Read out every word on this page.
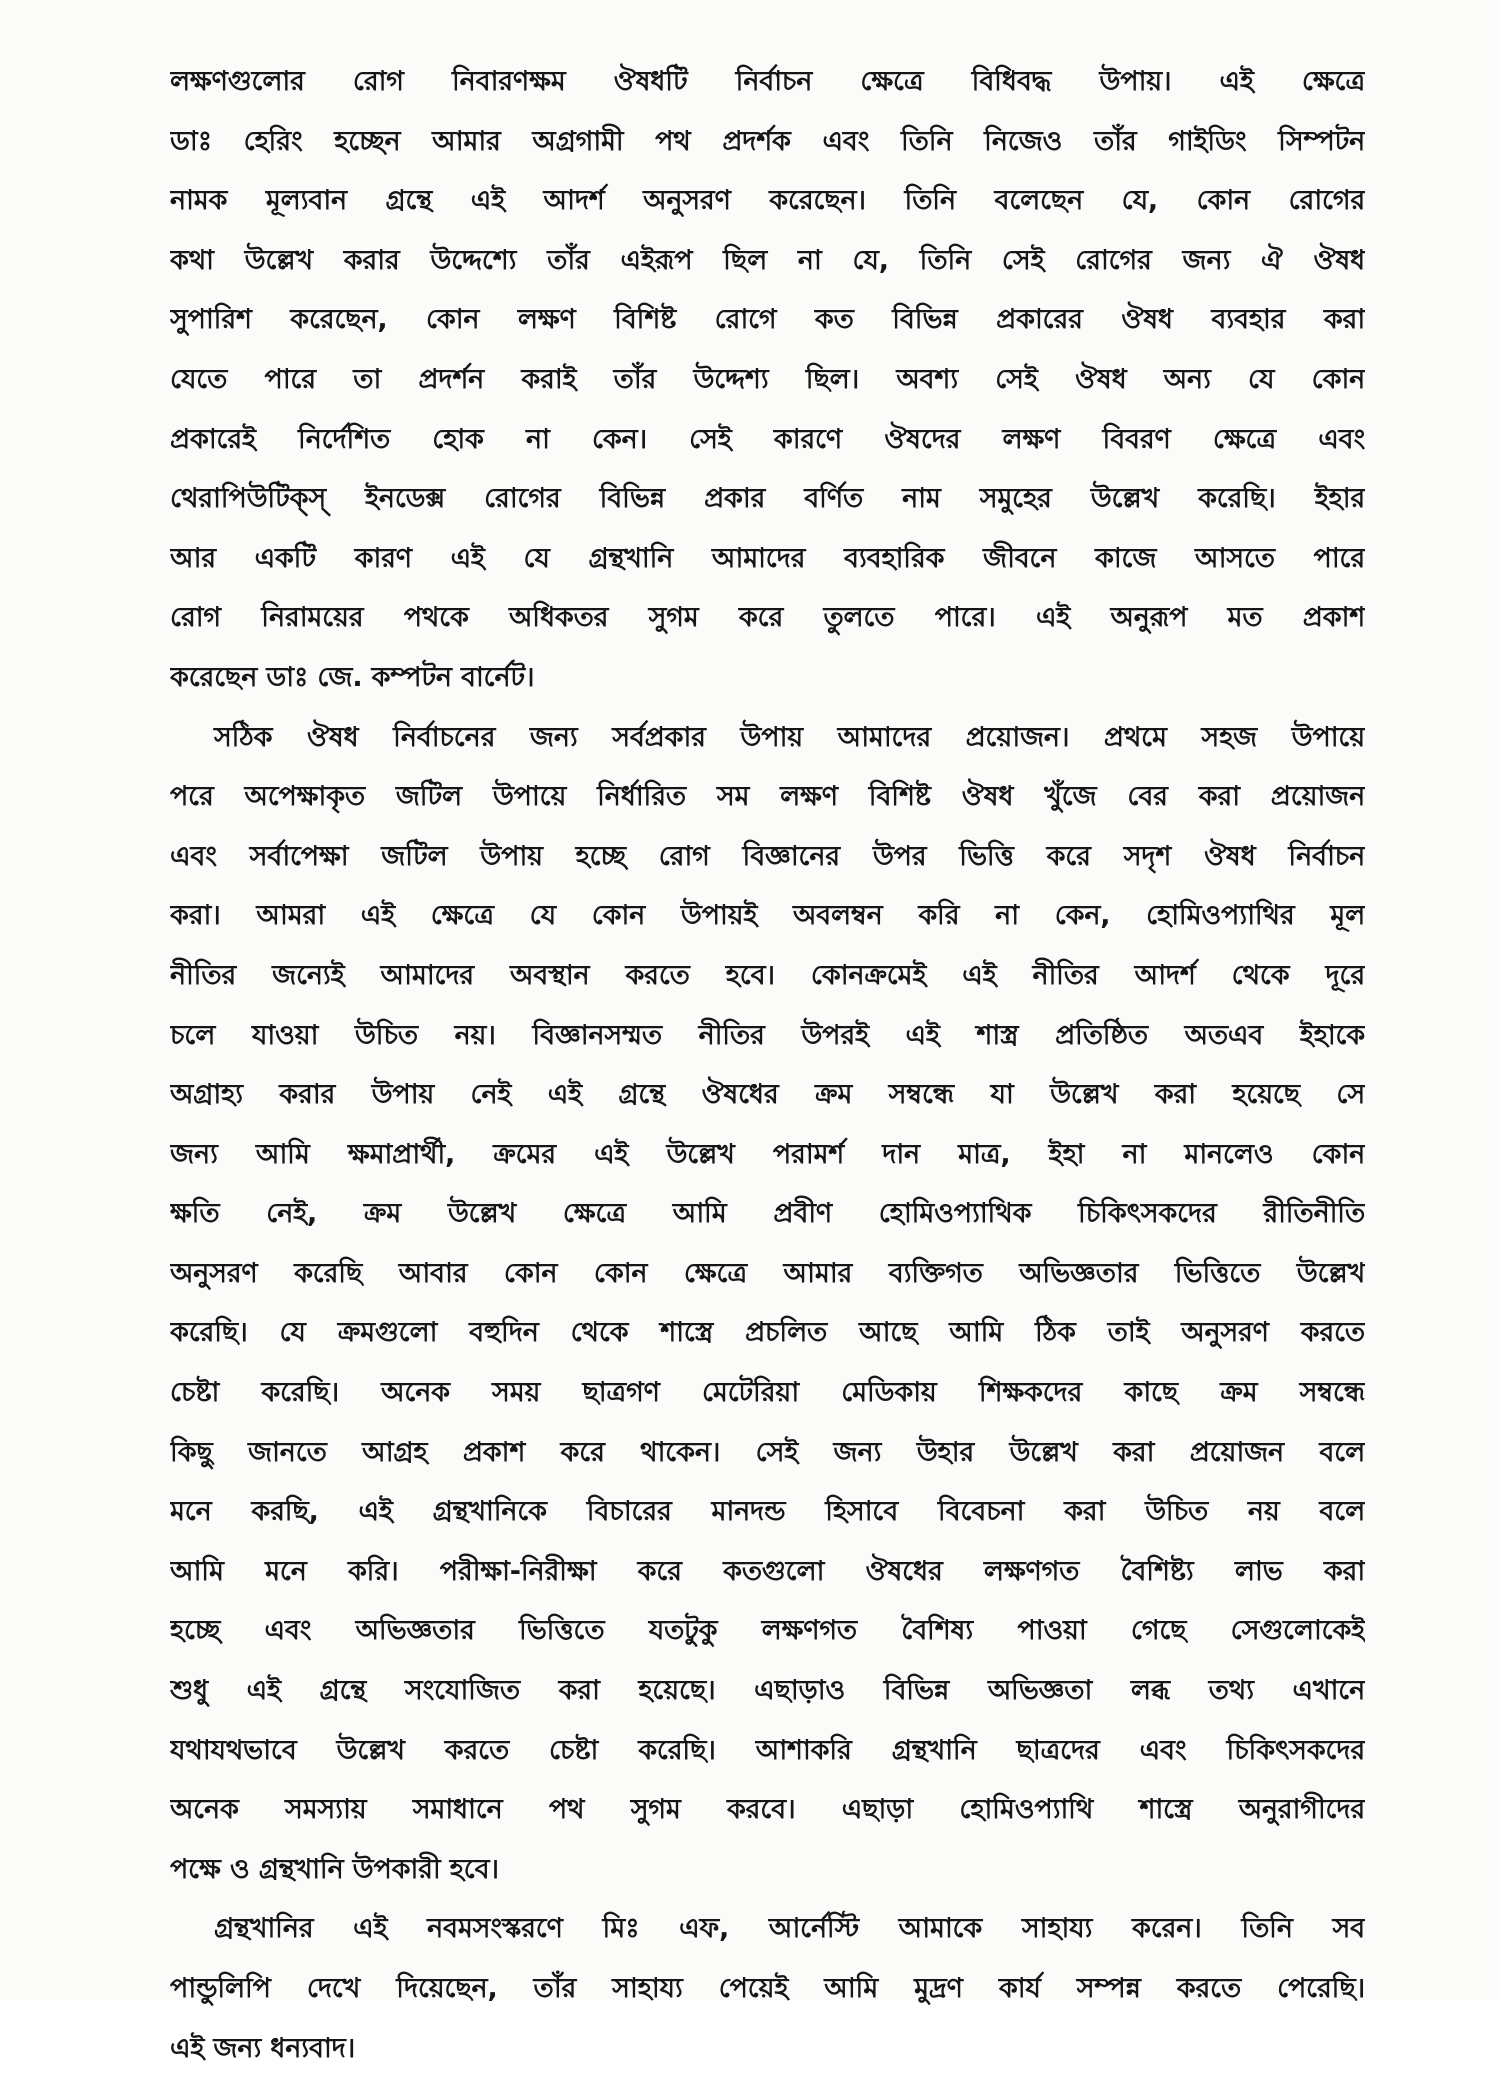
লক্ষণগুলোর রোগ নিবারণক্ষম ঔষধটি নির্বাচন ক্ষেত্রে বিধিবদ্ধ উপায়। এই ক্ষেত্রে
ডাঃ হেরিং হচ্ছেন আমার অগ্রগামী পথ প্রদর্শক এবং তিনি নিজেও তাঁর গাইডিং সিম্পটন
নামক মূল্যবান গ্রন্থে এই আদর্শ অনুসরণ করেছেন। তিনি বলেছেন যে, কোন রোগের
কথা উল্লেখ করার উদ্দেশ্যে তাঁর এইরূপ ছিল না যে, তিনি সেই রোগের জন্য ঐ ঔষধ
সুপারিশ করেছেন, কোন লক্ষণ বিশিষ্ট রোগে কত বিভিন্ন প্রকারের ঔষধ ব্যবহার করা
যেতে পারে তা প্রদর্শন করাই তাঁর উদ্দেশ্য ছিল। অবশ্য সেই ঔষধ অন্য যে কোন
প্রকারেই নির্দেশিত হোক না কেন। সেই কারণে ঔষদের লক্ষণ বিবরণ ক্ষেত্রে এবং
থেরাপিউটিক্স্ ইনডেক্স রোগের বিভিন্ন প্রকার বর্ণিত নাম সমুহের উল্লেখ করেছি। ইহার
আর একটি কারণ এই যে গ্রন্থখানি আমাদের ব্যবহারিক জীবনে কাজে আসতে পারে
রোগ নিরাময়ের পথকে অধিকতর সুগম করে তুলতে পারে। এই অনুরূপ মত প্রকাশ
করেছেন ডাঃ জে. কম্পটন বার্নেট।
সঠিক ঔষধ নির্বাচনের জন্য সর্বপ্রকার উপায় আমাদের প্রয়োজন। প্রথমে সহজ উপায়ে
পরে অপেক্ষাকৃত জটিল উপায়ে নির্ধারিত সম লক্ষণ বিশিষ্ট ঔষধ খুঁজে বের করা প্রয়োজন
এবং সর্বাপেক্ষা জটিল উপায় হচ্ছে রোগ বিজ্ঞানের উপর ভিত্তি করে সদৃশ ঔষধ নির্বাচন
করা। আমরা এই ক্ষেত্রে যে কোন উপায়ই অবলম্বন করি না কেন, হোমিওপ্যাথির মূল
নীতির জন্যেই আমাদের অবস্থান করতে হবে। কোনক্রমেই এই নীতির আদর্শ থেকে দূরে
চলে যাওয়া উচিত নয়। বিজ্ঞানসম্মত নীতির উপরই এই শাস্ত্র প্রতিষ্ঠিত অতএব ইহাকে
অগ্রাহ্য করার উপায় নেই এই গ্রন্থে ঔষধের ক্রম সম্বন্ধে যা উল্লেখ করা হয়েছে সে
জন্য আমি ক্ষমাপ্রার্থী, ক্রমের এই উল্লেখ পরামর্শ দান মাত্র, ইহা না মানলেও কোন
ক্ষতি নেই, ক্রম উল্লেখ ক্ষেত্রে আমি প্রবীণ হোমিওপ্যাথিক চিকিৎসকদের রীতিনীতি
অনুসরণ করেছি আবার কোন কোন ক্ষেত্রে আমার ব্যক্তিগত অভিজ্ঞতার ভিত্তিতে উল্লেখ
করেছি। যে ক্রমগুলো বহুদিন থেকে শাস্ত্রে প্রচলিত আছে আমি ঠিক তাই অনুসরণ করতে
চেষ্টা করেছি। অনেক সময় ছাত্রগণ মেটেরিয়া মেডিকায় শিক্ষকদের কাছে ক্রম সম্বন্ধে
কিছু জানতে আগ্রহ প্রকাশ করে থাকেন। সেই জন্য উহার উল্লেখ করা প্রয়োজন বলে
মনে করছি, এই গ্রন্থখানিকে বিচারের মানদন্ড হিসাবে বিবেচনা করা উচিত নয় বলে
আমি মনে করি। পরীক্ষা-নিরীক্ষা করে কতগুলো ঔষধের লক্ষণগত বৈশিষ্ট্য লাভ করা
হচ্ছে এবং অভিজ্ঞতার ভিত্তিতে যতটুকু লক্ষণগত বৈশিষ্য পাওয়া গেছে সেগুলোকেই
শুধু এই গ্রন্থে সংযোজিত করা হয়েছে। এছাড়াও বিভিন্ন অভিজ্ঞতা লব্ধ তথ্য এখানে
যথাযথভাবে উল্লেখ করতে চেষ্টা করেছি। আশাকরি গ্রন্থখানি ছাত্রদের এবং চিকিৎসকদের
অনেক সমস্যায় সমাধানে পথ সুগম করবে। এছাড়া হোমিওপ্যাথি শাস্ত্রে অনুরাগীদের
পক্ষে ও গ্রন্থখানি উপকারী হবে।
গ্রন্থখানির এই নবমসংস্করণে মিঃ এফ, আর্নেস্টি আমাকে সাহায্য করেন। তিনি সব
পান্ডুলিপি দেখে দিয়েছেন, তাঁর সাহায্য পেয়েই আমি মুদ্রণ কার্য সম্পন্ন করতে পেরেছি।
এই জন্য ধন্যবাদ।
